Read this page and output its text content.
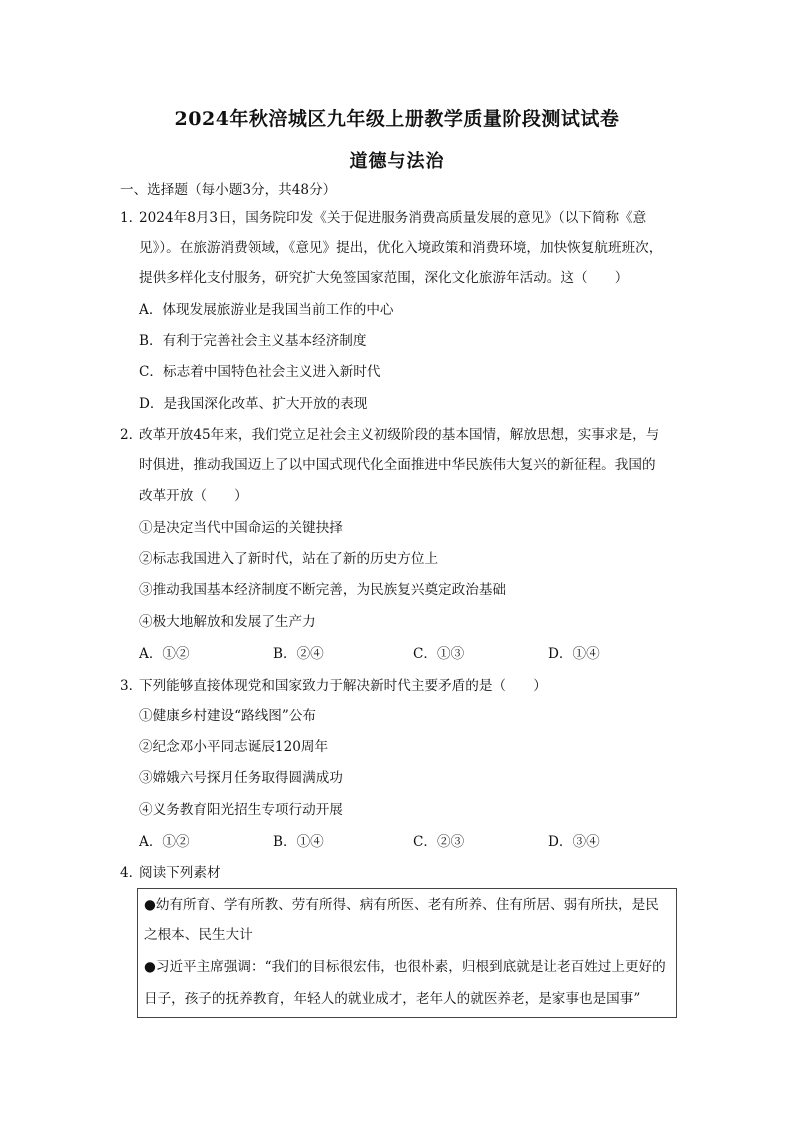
2024年秋涪城区九年级上册教学质量阶段测试试卷
道德与法治
一、选择题（每小题3分，共48分）
1．
2024年8月3日，国务院印发《关于促进服务消费高质量发展的意见》（以下简称《意
见》）。在旅游消费领域，《意见》提出，优化入境政策和消费环境，加快恢复航班班次，
提供多样化支付服务，研究扩大免签国家范围，深化文化旅游年活动。这（　　）
A．体现发展旅游业是我国当前工作的中心
B．有利于完善社会主义基本经济制度
C．标志着中国特色社会主义进入新时代
D．是我国深化改革、扩大开放的表现
2．
改革开放45年来，我们党立足社会主义初级阶段的基本国情，解放思想，实事求是，与
时俱进，推动我国迈上了以中国式现代化全面推进中华民族伟大复兴的新征程。我国的
改革开放（　　）
①是决定当代中国命运的关键抉择
②标志我国进入了新时代，站在了新的历史方位上
③推动我国基本经济制度不断完善，为民族复兴奠定政治基础
④极大地解放和发展了生产力
A．①②	B．②④	C．①③	D．①④
3．
下列能够直接体现党和国家致力于解决新时代主要矛盾的是（　　）
①健康乡村建设“路线图”公布
②纪念邓小平同志诞辰120周年
③嫦娥六号探月任务取得圆满成功
④义务教育阳光招生专项行动开展
A．①②	B．①④	C．②③	D．③④
4．
阅读下列素材
●幼有所育、学有所教、劳有所得、病有所医、老有所养、住有所居、弱有所扶，是民
之根本、民生大计
●习近平主席强调：“我们的目标很宏伟，也很朴素，归根到底就是让老百姓过上更好的
日子，孩子的抚养教育，年轻人的就业成才，老年人的就医养老，是家事也是国事”
